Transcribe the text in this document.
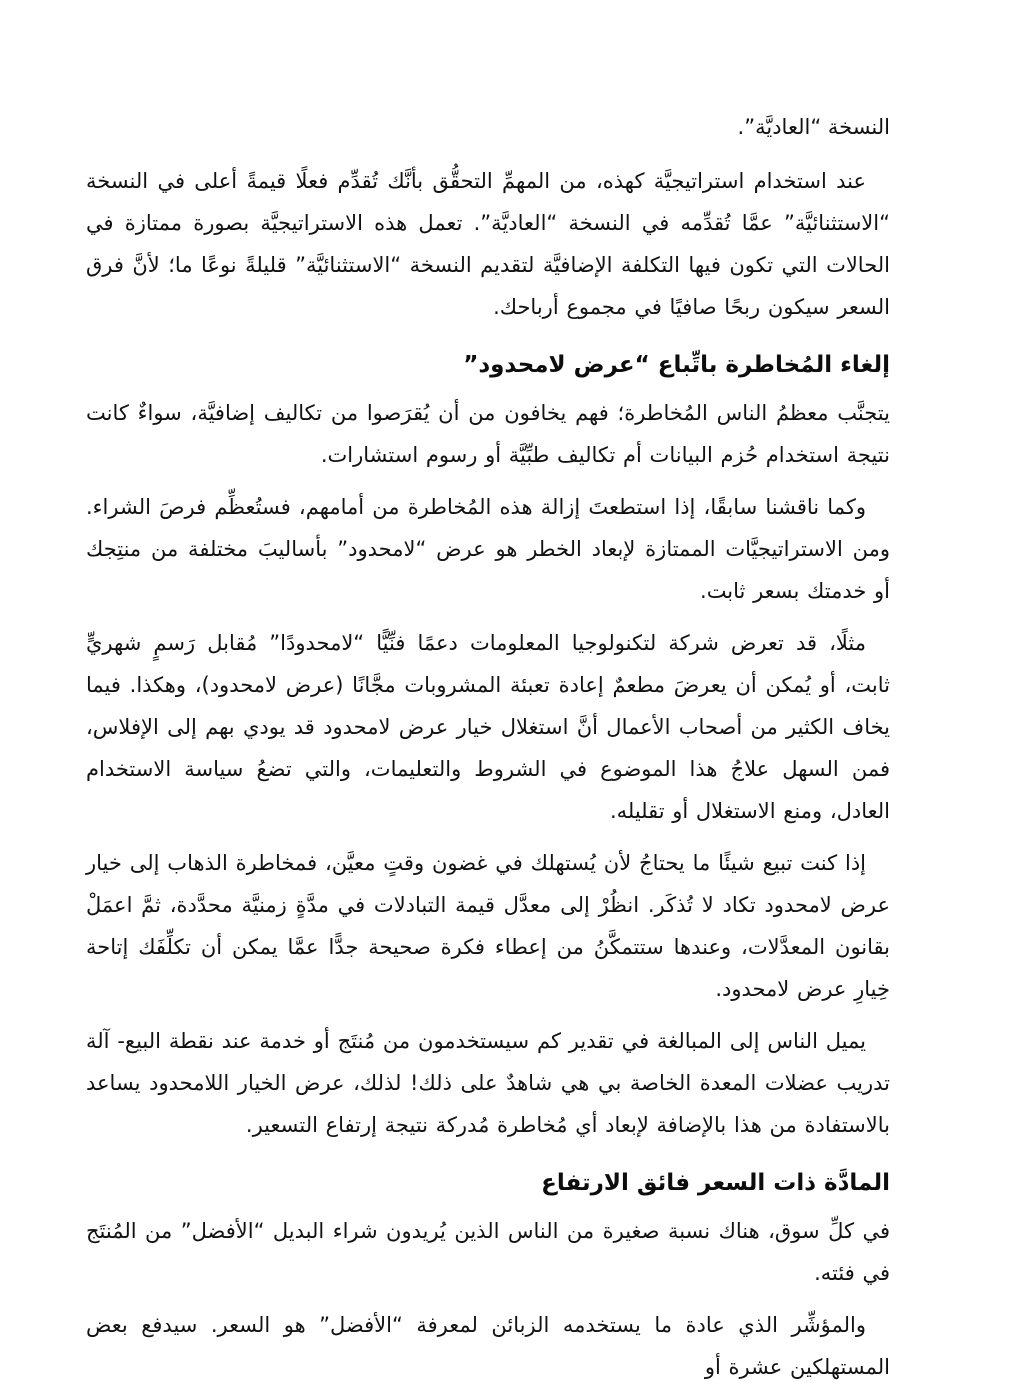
النسخة “العاديَّة”.

عند استخدام استراتيجيَّة كهذه، من المهمِّ التحقُّق بأنَّك تُقدِّم فعلًا قيمةً أعلى في النسخة “الاستثنائيَّة” عمَّا تُقدِّمه في النسخة “العاديَّة”. تعمل هذه الاستراتيجيَّة بصورة ممتازة في الحالات التي تكون فيها التكلفة الإضافيَّة لتقديم النسخة “الاستثنائيَّة” قليلةً نوعًا ما؛ لأنَّ فرق السعر سيكون ربحًا صافيًا في مجموع أرباحك.

إلغاء المُخاطرة باتِّباع “عرض لامحدود”

يتجنَّب معظمُ الناس المُخاطرة؛ فهم يخافون من أن يُقرَصوا من تكاليف إضافيَّة، سواءٌ كانت نتيجة استخدام حُزم البيانات أم تكاليف طبِّيَّة أو رسوم استشارات.

وكما ناقشنا سابقًا، إذا استطعتَ إزالة هذه المُخاطرة من أمامهم، فستُعظِّم فرصَ الشراء. ومن الاستراتيجيَّات الممتازة لإبعاد الخطر هو عرض “لامحدود” بأساليبَ مختلفة من منتِجك أو خدمتك بسعر ثابت.

مثلًا، قد تعرض شركة لتكنولوجيا المعلومات دعمًا فنِّيًّا “لامحدودًا” مُقابل رَسمٍ شهريٍّ ثابت، أو يُمكن أن يعرضَ مطعمٌ إعادة تعبئة المشروبات مجَّانًا (عرض لامحدود)، وهكذا. فيما يخاف الكثير من أصحاب الأعمال أنَّ استغلال خيار عرض لامحدود قد يودي بهم إلى الإفلاس، فمن السهل علاجُ هذا الموضوع في الشروط والتعليمات، والتي تضعُ سياسة الاستخدام العادل، ومنع الاستغلال أو تقليله.

إذا كنت تبيع شيئًا ما يحتاجُ لأن يُستهلك في غضون وقتٍ معيَّن، فمخاطرة الذهاب إلى خيار عرض لامحدود تكاد لا تُذكَر. انظُرْ إلى معدَّل قيمة التبادلات في مدَّةٍ زمنيَّة محدَّدة، ثمَّ اعمَلْ بقانون المعدَّلات، وعندها ستتمكَّنُ من إعطاء فكرة صحيحة جدًّا عمَّا يمكن أن تكلِّفَك إتاحة خِيارِ عرض لامحدود.

يميل الناس إلى المبالغة في تقدير كم سيستخدمون من مُنتَج أو خدمة عند نقطة البيع- آلة تدريب عضلات المعدة الخاصة بي هي شاهدٌ على ذلك! لذلك، عرض الخيار اللامحدود يساعد بالاستفادة من هذا بالإضافة لإبعاد أي مُخاطرة مُدركة نتيجة إرتفاع التسعير.

المادَّة ذات السعر فائق الارتفاع

في كلِّ سوق، هناك نسبة صغيرة من الناس الذين يُريدون شراء البديل “الأفضل” من المُنتَج في فئته.

والمؤشِّر الذي عادة ما يستخدمه الزبائن لمعرفة “الأفضل” هو السعر. سيدفع بعض المستهلكين عشرة أو
